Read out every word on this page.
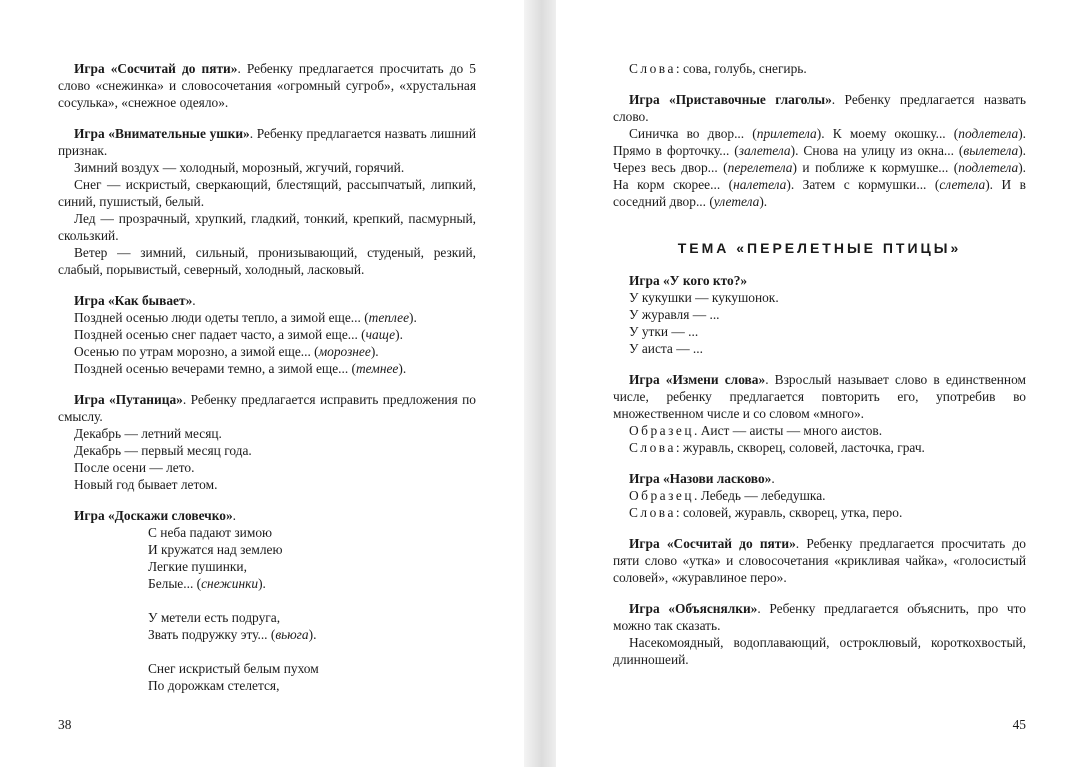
Игра «Сосчитай до пяти». Ребенку предлагается просчитать до 5 слово «снежинка» и словосочетания «огромный сугроб», «хрустальная сосулька», «снежное одеяло».

Игра «Внимательные ушки». Ребенку предлагается назвать лишний признак.

Зимний воздух — холодный, морозный, жгучий, горячий.

Снег — искристый, сверкающий, блестящий, рассыпчатый, липкий, синий, пушистый, белый.

Лед — прозрачный, хрупкий, гладкий, тонкий, крепкий, пасмурный, скользкий.

Ветер — зимний, сильный, пронизывающий, студеный, резкий, слабый, порывистый, северный, холодный, ласковый.

Игра «Как бывает».

Поздней осенью люди одеты тепло, а зимой еще... (теплее).

Поздней осенью снег падает часто, а зимой еще... (чаще).

Осенью по утрам морозно, а зимой еще... (морознее).

Поздней осенью вечерами темно, а зимой еще... (темнее).

Игра «Путаница». Ребенку предлагается исправить предложения по смыслу.

Декабрь — летний месяц.

Декабрь — первый месяц года.

После осени — лето.

Новый год бывает летом.

Игра «Доскажи словечко».

С неба падают зимою

И кружатся над землею

Легкие пушинки,

Белые... (снежинки).

У метели есть подруга,

Звать подружку эту... (вьюга).

Снег искристый белым пухом

По дорожкам стелется,

38

Слова: сова, голубь, снегирь.

Игра «Приставочные глаголы». Ребенку предлагается назвать слово.

Синичка во двор... (прилетела). К моему окошку... (подлетела). Прямо в форточку... (залетела). Снова на улицу из окна... (вылетела). Через весь двор... (перелетела) и поближе к кормушке... (подлетела). На корм скорее... (налетела). Затем с кормушки... (слетела). И в соседний двор... (улетела).

ТЕМА «ПЕРЕЛЕТНЫЕ ПТИЦЫ»

Игра «У кого кто?»

У кукушки — кукушонок.

У журавля — ...

У утки — ...

У аиста — ...

Игра «Измени слова». Взрослый называет слово в единственном числе, ребенку предлагается повторить его, употребив во множественном числе и со словом «много».

Образец. Аист — аисты — много аистов.

Слова: журавль, скворец, соловей, ласточка, грач.

Игра «Назови ласково».

Образец. Лебедь — лебедушка.

Слова: соловей, журавль, скворец, утка, перо.

Игра «Сосчитай до пяти». Ребенку предлагается просчитать до пяти слово «утка» и словосочетания «крикливая чайка», «голосистый соловей», «журавлиное перо».

Игра «Объяснялки». Ребенку предлагается объяснить, про что можно так сказать.

Насекомоядный, водоплавающий, остроклювый, короткохвостый, длинношеий.

45
